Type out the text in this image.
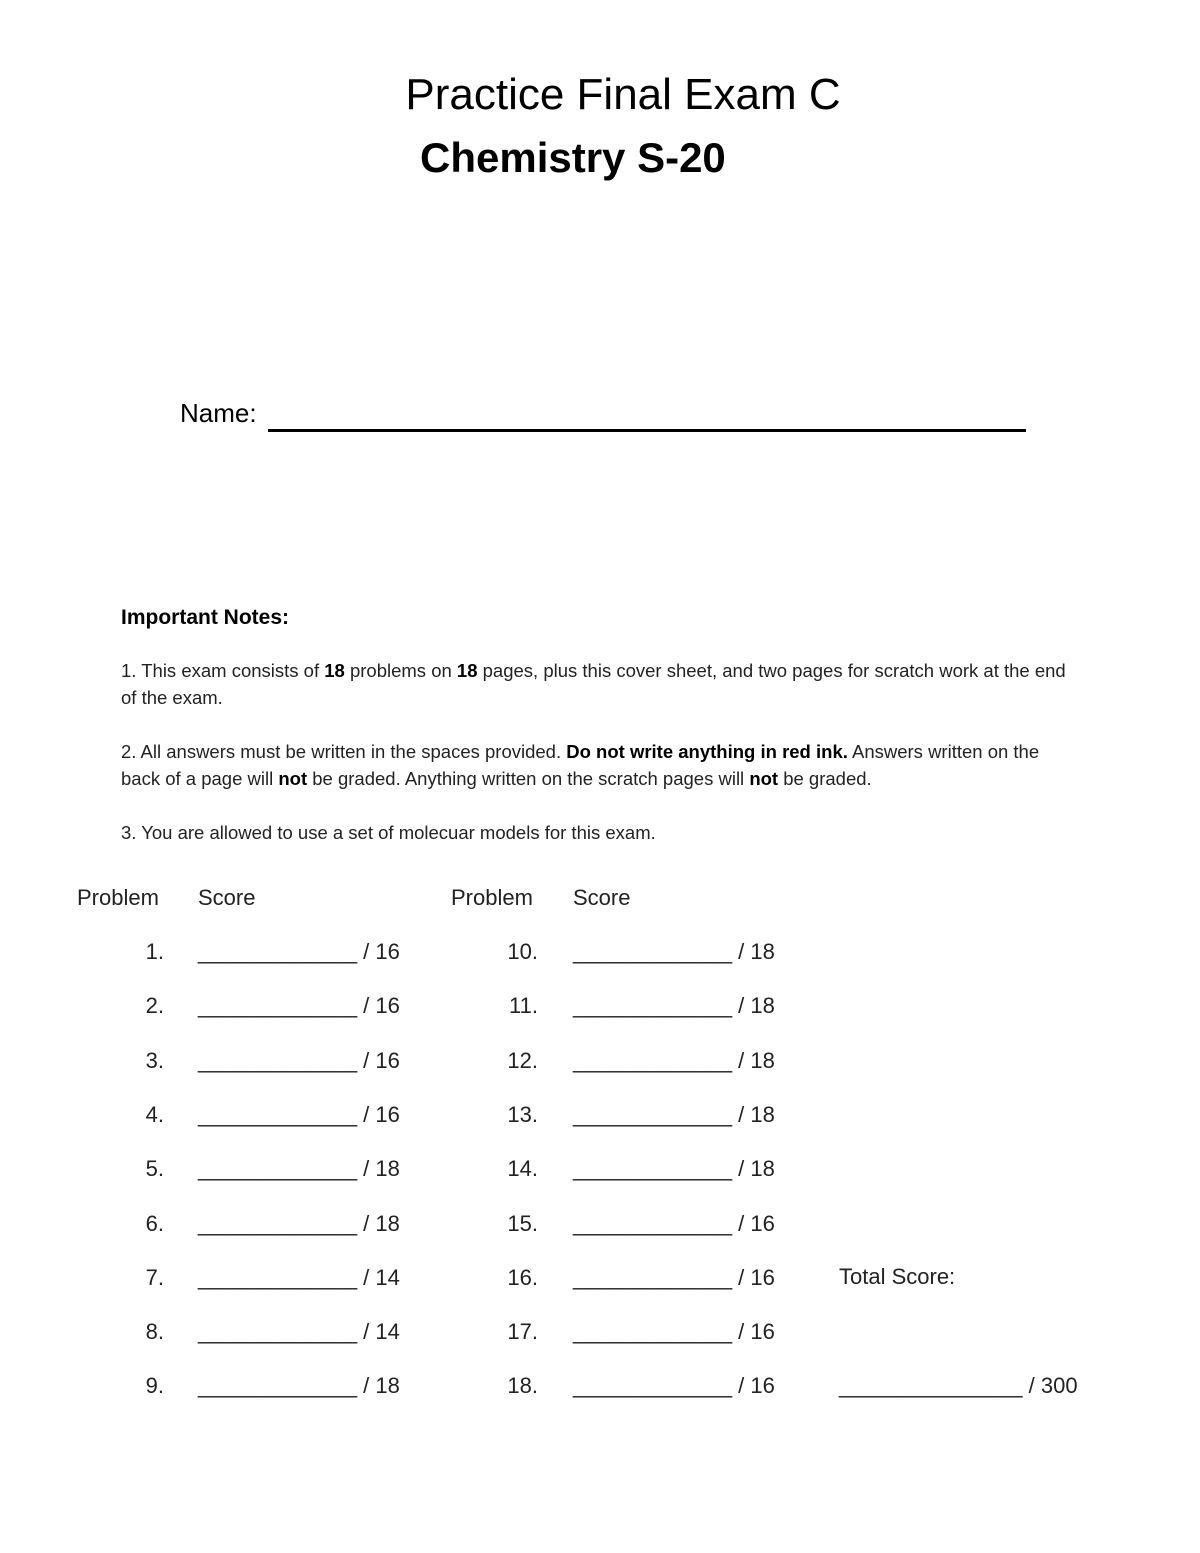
Practice Final Exam C
Chemistry S-20
Name:
Important Notes:

1. This exam consists of 18 problems on 18 pages, plus this cover sheet, and two pages for scratch work at the end of the exam.

2. All answers must be written in the spaces provided. Do not write anything in red ink. Answers written on the back of a page will not be graded. Anything written on the scratch pages will not be graded.

3. You are allowed to use a set of molecuar models for this exam.

Problem Score	Problem Score
1. _____________ / 16
2. _____________ / 16
3. _____________ / 16
4. _____________ / 16
5. _____________ / 18
6. _____________ / 18
7. _____________ / 14
8. _____________ / 14
9. _____________ / 18
10. _____________ / 18
11. _____________ / 18
12. _____________ / 18
13. _____________ / 18
14. _____________ / 18
15. _____________ / 16
16. _____________ / 16
17. _____________ / 16
18. _____________ / 16
Total Score:
_______________ / 300
